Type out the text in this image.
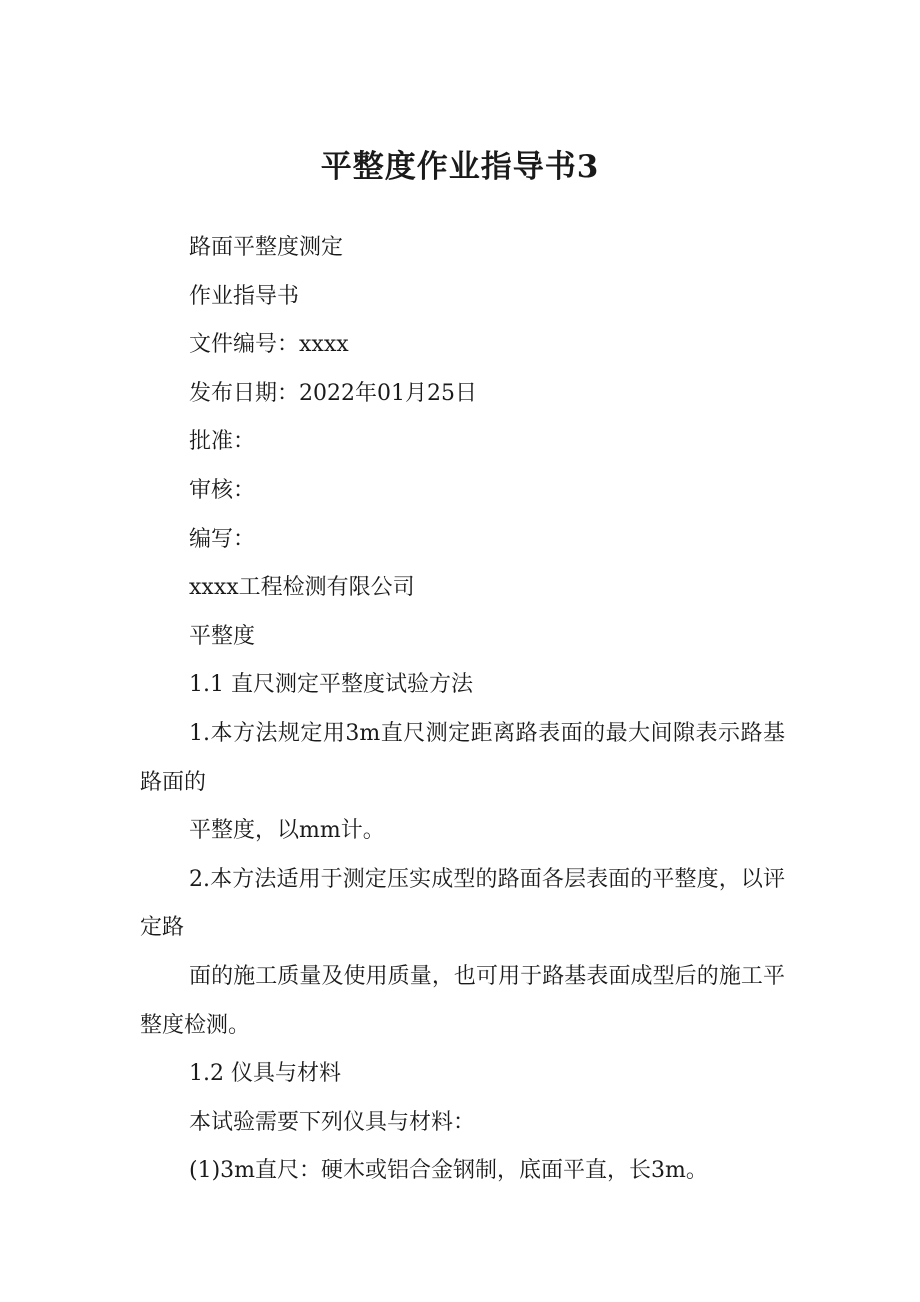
平整度作业指导书3

路面平整度测定

作业指导书

文件编号：xxxx

发布日期：2022年01月25日

批准：

审核：

编写：

xxxx工程检测有限公司

平整度

1.1 直尺测定平整度试验方法

1.本方法规定用3m直尺测定距离路表面的最大间隙表示路基路面的

平整度，以mm计。

2.本方法适用于测定压实成型的路面各层表面的平整度，以评定路

面的施工质量及使用质量，也可用于路基表面成型后的施工平整度检测。

1.2 仪具与材料

本试验需要下列仪具与材料：

(1)3m直尺：硬木或铝合金钢制，底面平直，长3m。
